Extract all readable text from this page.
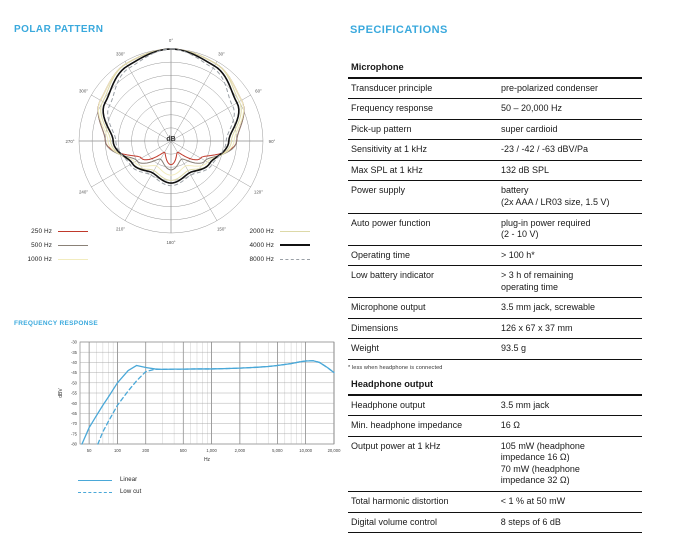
POLAR PATTERN
0°
30°
60°
90°
120°
150°
180°
210°
240°
270°
300°
330°
dB
250 Hz
500 Hz
1000 Hz
2000 Hz
4000 Hz
8000 Hz
FREQUENCY RESPONSE
50	100	200	500	1,000	2,000	5,000	10,000	20,000
-30
-35
-40
-45
-50
-55
-60
-65
-70
-75
-80
Hz
dBV
Linear
Low cut
SPECIFICATIONS
Microphone	
Transducer principle	pre-polarized condenser
Frequency response	50 – 20,000 Hz
Pick-up pattern	super cardioid
Sensitivity at 1 kHz	-23 / -42 / -63 dBV/Pa
Max SPL at 1 kHz	132 dB SPL
Power supply	battery
(2x AAA / LR03 size, 1.5 V)
Auto power function	plug-in power required
(2 - 10 V)
Operating time	> 100 h*
Low battery indicator	> 3 h of remaining
operating time
Microphone output	3.5 mm jack, screwable
Dimensions	126 x 67 x 37 mm
Weight	93.5 g
* less when headphone is connected
Headphone output	
Headphone output	3.5 mm jack
Min. headphone impedance	16 Ω
Output power at 1 kHz	105 mW (headphone
impedance 16 Ω)
70 mW (headphone
impedance 32 Ω)
Total harmonic distortion	< 1 % at 50 mW
Digital volume control	8 steps of 6 dB
